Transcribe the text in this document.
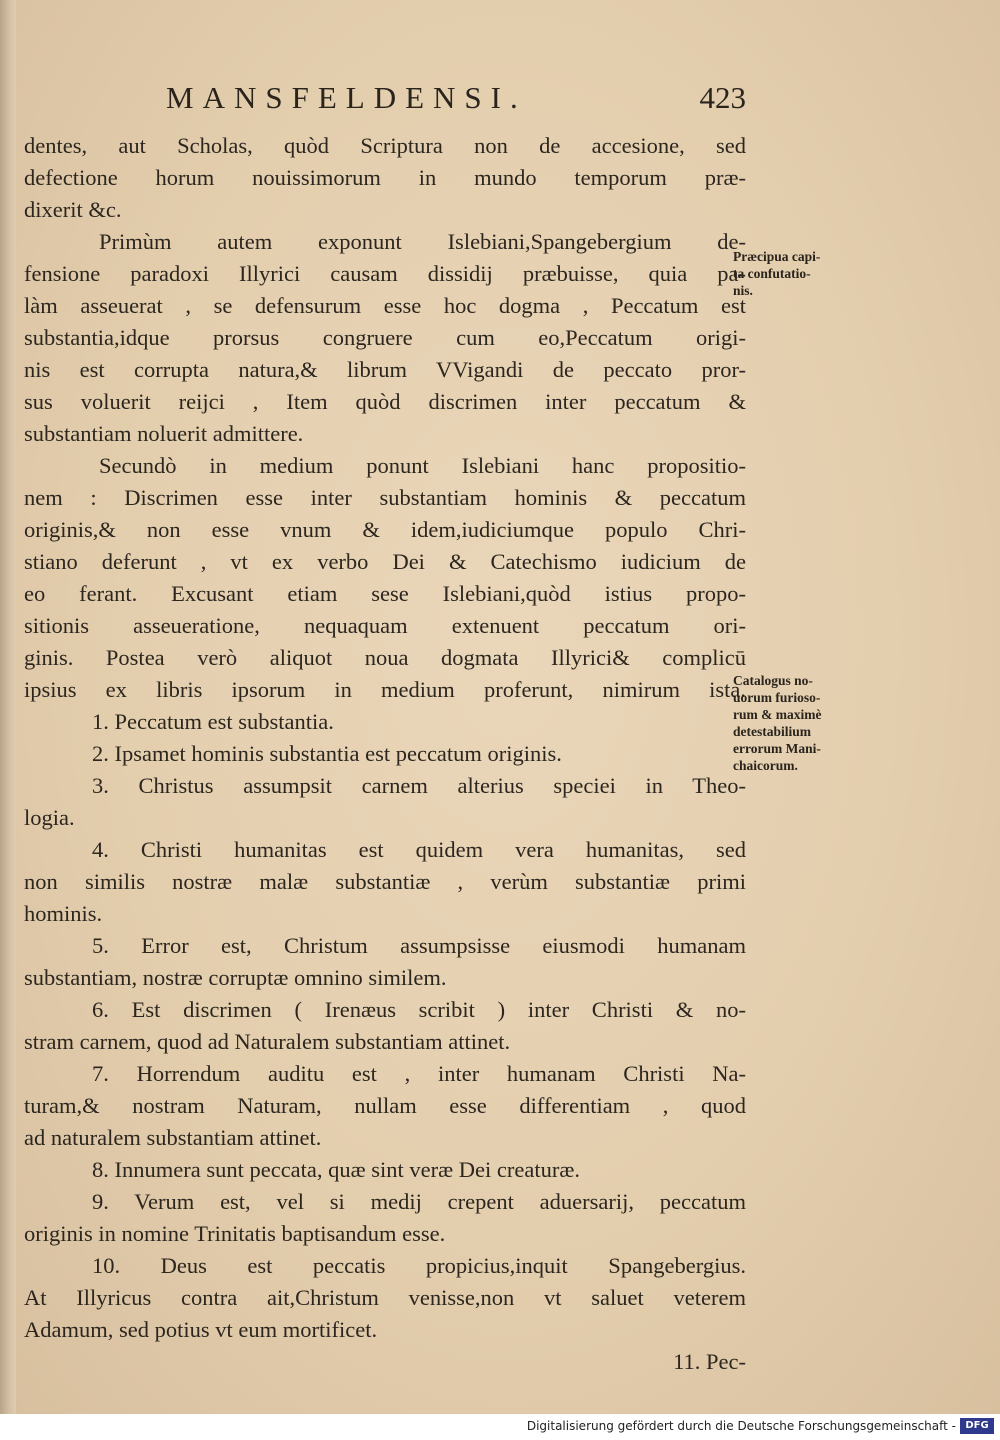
MANSFELDENSI.	423
dentes, aut Scholas, quòd Scriptura non de accesione, sed
defectione horum nouissimorum in mundo temporum præ-
dixerit &c.
Primùm autem exponunt Islebiani,Spangebergium de-
fensione paradoxi Illyrici causam dissidij præbuisse, quia pa-
làm asseuerat , se defensurum esse hoc dogma , Peccatum est
substantia,idque prorsus congruere cum eo,Peccatum origi-
nis est corrupta natura,& librum VVigandi de peccato pror-
sus voluerit reijci , Item quòd discrimen inter peccatum &
substantiam noluerit admittere.
Secundò in medium ponunt Islebiani hanc propositio-
nem : Discrimen esse inter substantiam hominis & peccatum
originis,& non esse vnum & idem,iudiciumque populo Chri-
stiano deferunt , vt ex verbo Dei & Catechismo iudicium de
eo ferant. Excusant etiam sese Islebiani,quòd istius propo-
sitionis asseueratione, nequaquam extenuent peccatum ori-
ginis. Postea verò aliquot noua dogmata Illyrici& complicū
ipsius ex libris ipsorum in medium proferunt, nimirum ista.
1. Peccatum est substantia.
2. Ipsamet hominis substantia est peccatum originis.
3. Christus assumpsit carnem alterius speciei in Theo-
logia.
4. Christi humanitas est quidem vera humanitas, sed
non similis nostræ malæ substantiæ , verùm substantiæ primi
hominis.
5. Error est, Christum assumpsisse eiusmodi humanam
substantiam, nostræ corruptæ omnino similem.
6. Est discrimen ( Irenæus scribit ) inter Christi & no-
stram carnem, quod ad Naturalem substantiam attinet.
7. Horrendum auditu est , inter humanam Christi Na-
turam,& nostram Naturam, nullam esse differentiam , quod
ad naturalem substantiam attinet.
8. Innumera sunt peccata, quæ sint veræ Dei creaturæ.
9. Verum est, vel si medij crepent aduersarij, peccatum
originis in nomine Trinitatis baptisandum esse.
10. Deus est peccatis propicius,inquit Spangebergius.
At Illyricus contra ait,Christum venisse,non vt saluet veterem
Adamum, sed potius vt eum mortificet.
11. Pec-
Præcipua capi-
ta confutatio-
nis.
Catalogus no-
uorum furioso-
rum & maximè
detestabilium
errorum Mani-
chaicorum.
Digitalisierung gefördert durch die Deutsche Forschungsgemeinschaft - DFG
